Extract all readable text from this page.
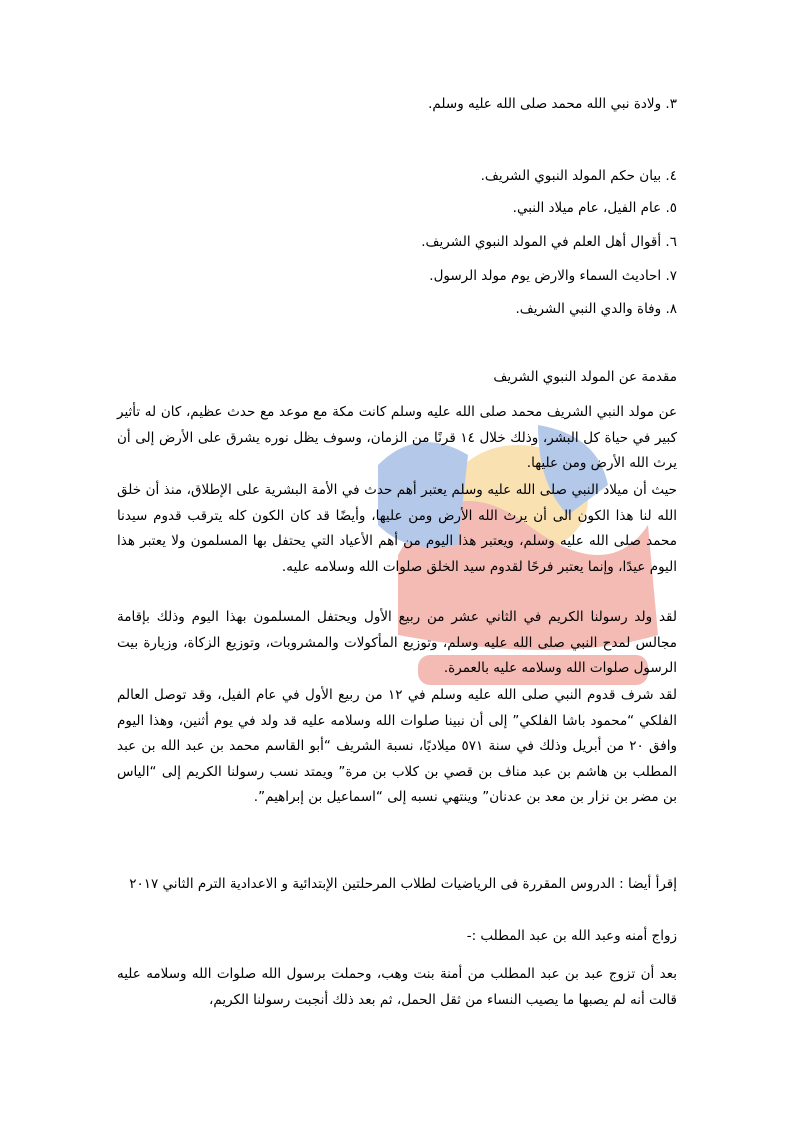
٣. ولادة نبي الله محمد صلى الله عليه وسلم.
٤. بيان حكم المولد النبوي الشريف.
٥. عام الفيل، عام ميلاد النبي.
٦. أقوال أهل العلم في المولد النبوي الشريف.
٧. احاديث السماء والارض يوم مولد الرسول.
٨. وفاة والدي النبي الشريف.
مقدمة عن المولد النبوي الشريف
عن مولد النبي الشريف محمد صلى الله عليه وسلم كانت مكة مع موعد مع حدث عظيم، كان له تأثير كبير في حياة كل البشر، وذلك خلال ١٤ قرنًا من الزمان، وسوف يظل نوره يشرق على الأرض إلى أن يرث الله الأرض ومن عليها.
حيث أن ميلاد النبي صلى الله عليه وسلم يعتبر أهم حدث في الأمة البشرية على الإطلاق، منذ أن خلق الله لنا هذا الكون الى أن يرث الله الأرض ومن عليها، وأيضًا قد كان الكون كله يترقب قدوم سيدنا محمد صلى الله عليه وسلم، ويعتبر هذا اليوم من أهم الأعياد التي يحتفل بها المسلمون ولا يعتبر هذا اليوم عيدًا، وإنما يعتبر فرحًا لقدوم سيد الخلق صلوات الله وسلامه عليه.
لقد ولد رسولنا الكريم في الثاني عشر من ربيع الأول ويحتفل المسلمون بهذا اليوم وذلك بإقامة مجالس لمدح النبي صلى الله عليه وسلم، وتوزيع المأكولات والمشروبات، وتوزيع الزكاة، وزيارة بيت الرسول صلوات الله وسلامه عليه بالعمرة.
لقد شرف قدوم النبي صلى الله عليه وسلم في ١٢ من ربيع الأول في عام الفيل، وقد توصل العالم الفلكي “محمود باشا الفلكي” إلى أن نبينا صلوات الله وسلامه عليه قد ولد في يوم أثنين، وهذا اليوم وافق ٢٠ من أبريل وذلك في سنة ٥٧١ ميلاديًا، نسبة الشريف “أبو القاسم محمد بن عبد الله بن عبد المطلب بن هاشم بن عبد مناف بن قصي بن كلاب بن مرة” ويمتد نسب رسولنا الكريم إلى “الياس بن مضر بن نزار بن معد بن عدنان” وينتهي نسبه إلى “اسماعيل بن إبراهيم”.
إقرأ أيضا : الدروس المقررة فى الرياضيات لطلاب المرحلتين الإبتدائية و الاعدادية الترم الثاني ٢٠١٧
زواج أمنه وعبد الله بن عبد المطلب :-
بعد أن تزوج عبد بن عبد المطلب من أمنة بنت وهب، وحملت برسول الله صلوات الله وسلامه عليه قالت أنه لم يصبها ما يصيب النساء من ثقل الحمل، ثم بعد ذلك أنجبت رسولنا الكريم،
